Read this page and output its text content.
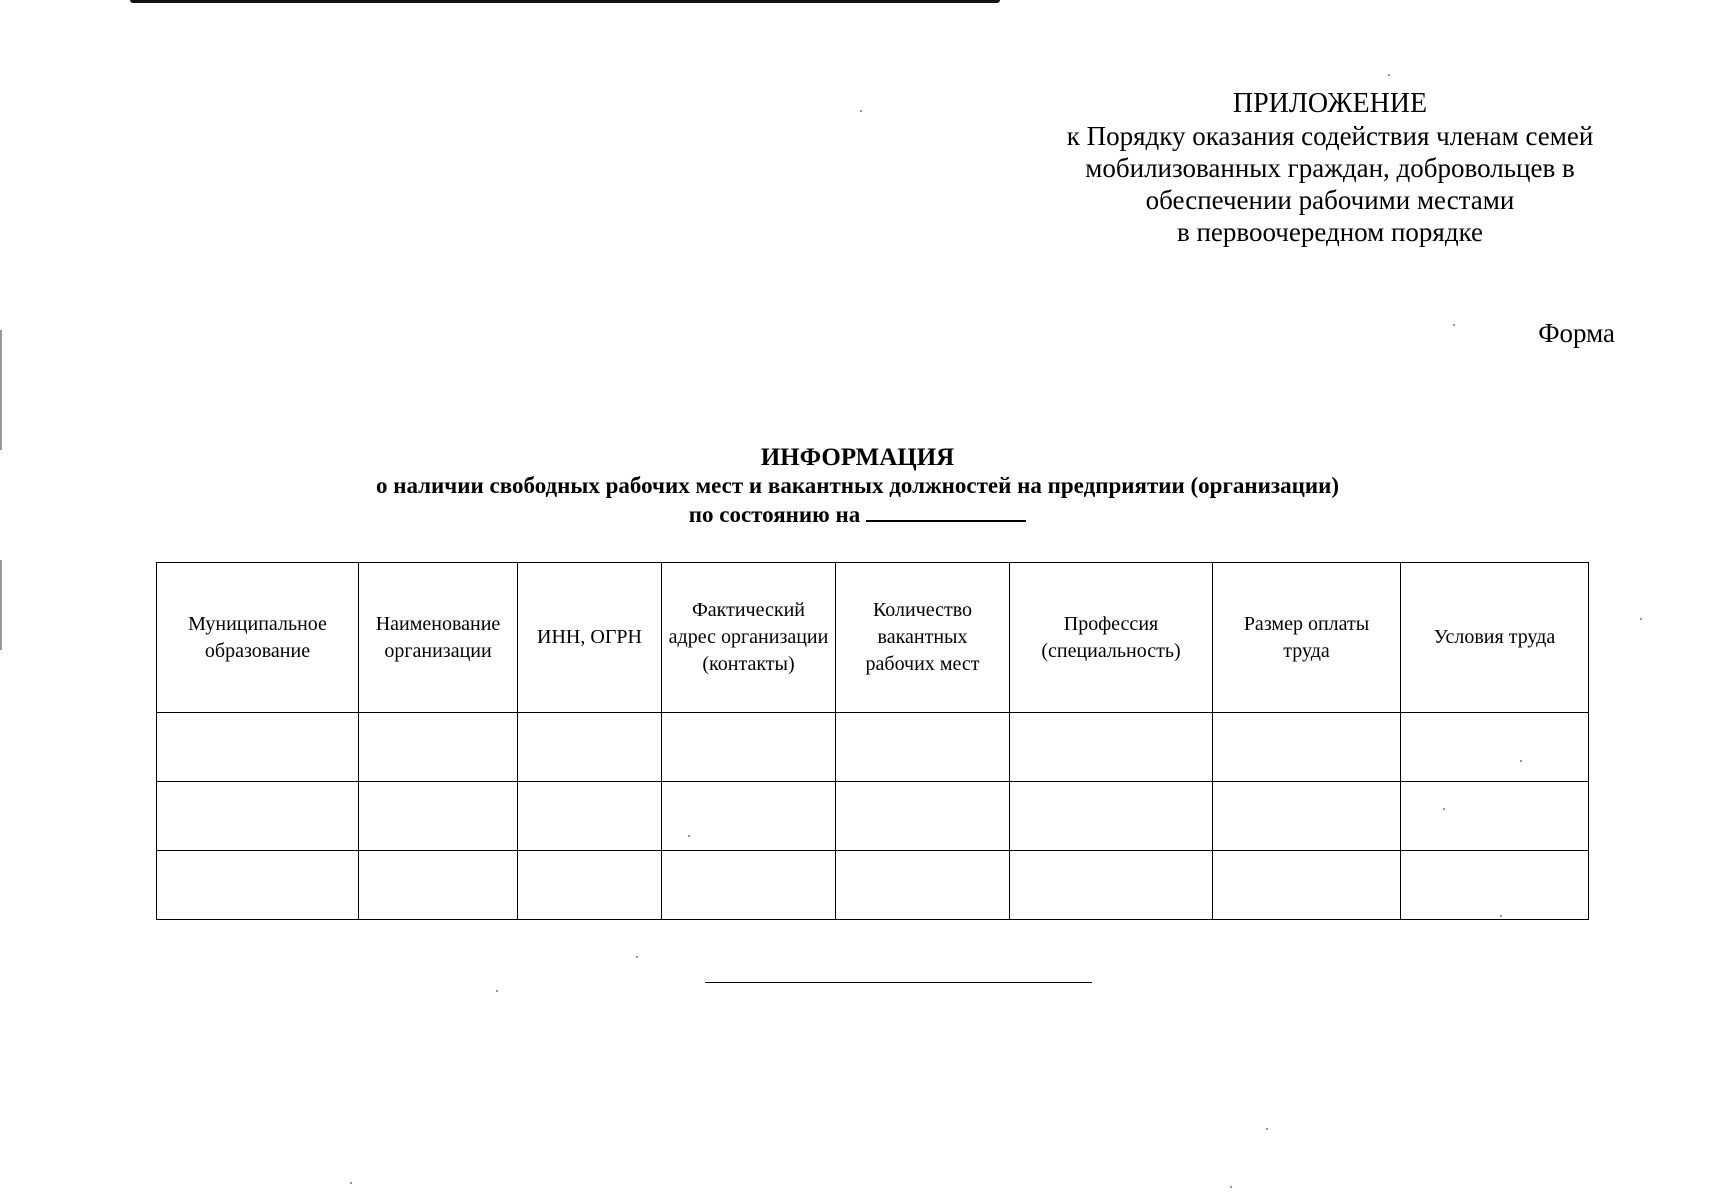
ПРИЛОЖЕНИЕ
к Порядку оказания содействия членам семей
мобилизованных граждан, добровольцев в
обеспечении рабочими местами
в первоочередном порядке
Форма
ИНФОРМАЦИЯ
о наличии свободных рабочих мест и вакантных должностей на предприятии (организации)
по состоянию на
Муниципальное образование	Наименование организации	ИНН, ОГРН	Фактический адрес организации (контакты)	Количество вакантных рабочих мест	Профессия (специальность)	Размер оплаты труда	Условия труда
